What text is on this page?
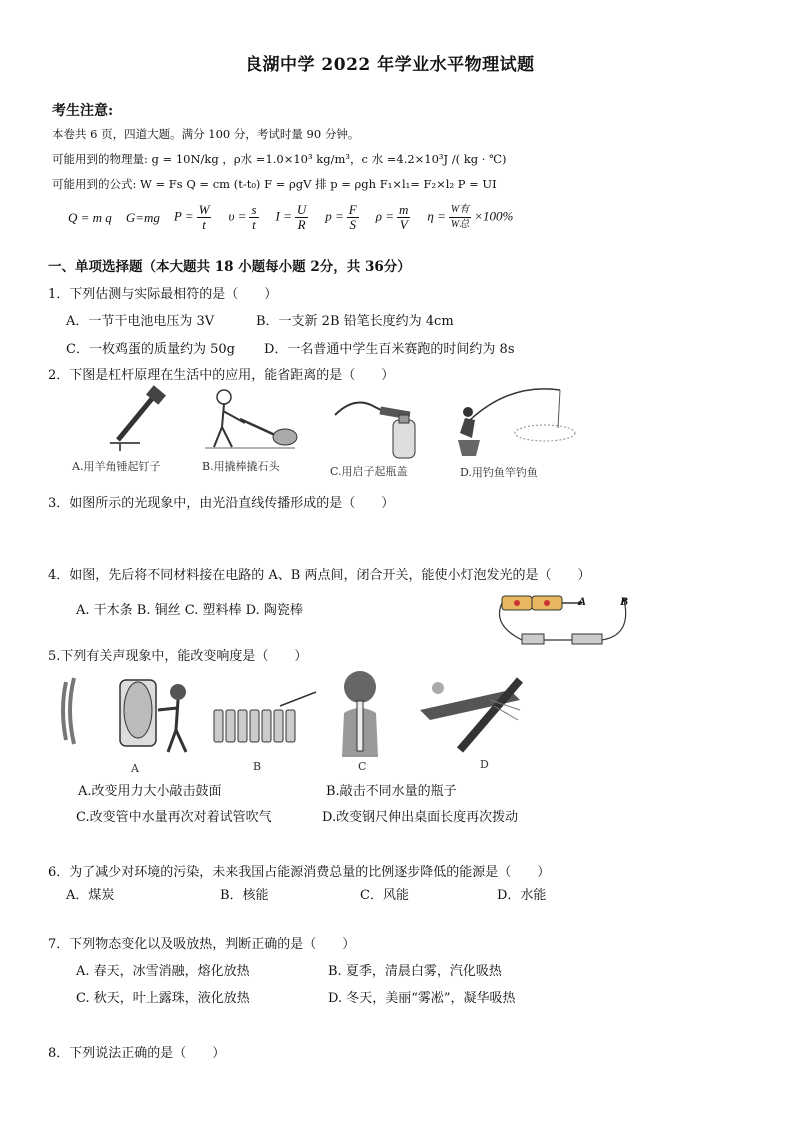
良湖中学 2022 年学业水平物理试题
考生注意:
本卷共 6 页，四道大题。满分 100 分，考试时量 90 分钟。
可能用到的物理量: g = 10N/kg ，ρ水 =1.0×10³ kg/m³，c 水 =4.2×10³J /( kg · ℃)
可能用到的公式: W = Fs Q = cm (t-t₀) F = ρgV 排 p = ρgh F₁×l₁= F₂×l₂ P = UI
Q = m q G=mg $P = \frac{W}{t}$ $\upsilon = \frac{s}{t}$ $I = \frac{U}{R}$ $p = \frac{F}{S}$ $\rho = \frac{m}{V}$ $\eta = \frac{\text{W有}}{\text{W总}} \times 100\%$
一、单项选择题（本大题共 18 小题每小题 2分，共 36分）
1．下列估测与实际最相符的是（　　）
A．一节干电池电压为 3V	B．一支新 2B 铅笔长度约为 4cm
C．一枚鸡蛋的质量约为 50g D．一名普通中学生百米赛跑的时间约为 8s
2．下图是杠杆原理在生活中的应用，能省距离的是（　　）
A.用羊角锤起钉子	B.用撬棒撬石头	C.用启子起瓶盖	D.用钓鱼竿钓鱼
3．如图所示的光现象中，由光沿直线传播形成的是（　　）
4．如图，先后将不同材料接在电路的 A、B 两点间，闭合开关，能使小灯泡发光的是（　　）
A. 干木条 B. 铜丝 C. 塑料棒 D. 陶瓷棒
A	B
5.下列有关声现象中，能改变响度是（　　）
A	B	C	D
A.改变用力大小敲击鼓面	B.敲击不同水量的瓶子
C.改变管中水量再次对着试管吹气	D.改变钢尺伸出桌面长度再次拨动
6．为了减少对环境的污染，未来我国占能源消费总量的比例逐步降低的能源是（　　）
A．煤炭	B．核能	C．风能	D．水能
7．下列物态变化以及吸放热，判断正确的是（　　）
A. 春天，冰雪消融，熔化放热	B. 夏季，清晨白雾，汽化吸热
C. 秋天，叶上露珠，液化放热	D. 冬天，美丽“雾凇”，凝华吸热
8．下列说法正确的是（　　）
